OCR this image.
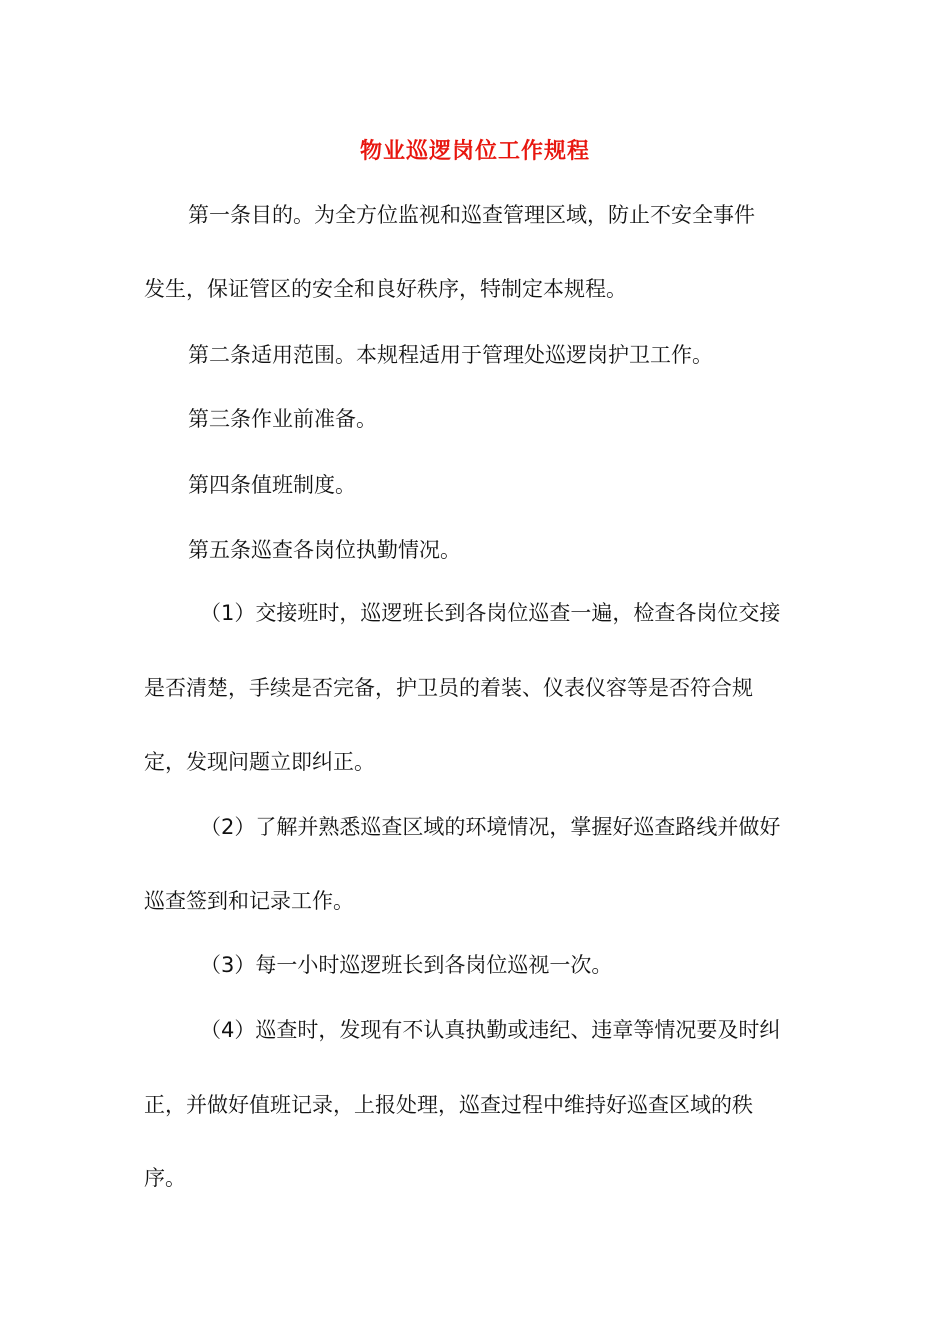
物业巡逻岗位工作规程
第一条目的。为全方位监视和巡查管理区域，防止不安全事件
发生，保证管区的安全和良好秩序，特制定本规程。
第二条适用范围。本规程适用于管理处巡逻岗护卫工作。
第三条作业前准备。
第四条值班制度。
第五条巡查各岗位执勤情况。
（1）交接班时，巡逻班长到各岗位巡查一遍，检查各岗位交接
是否清楚，手续是否完备，护卫员的着装、仪表仪容等是否符合规
定，发现问题立即纠正。
（2）了解并熟悉巡查区域的环境情况，掌握好巡查路线并做好
巡查签到和记录工作。
（3）每一小时巡逻班长到各岗位巡视一次。
（4）巡查时，发现有不认真执勤或违纪、违章等情况要及时纠
正，并做好值班记录，上报处理，巡查过程中维持好巡查区域的秩
序。
